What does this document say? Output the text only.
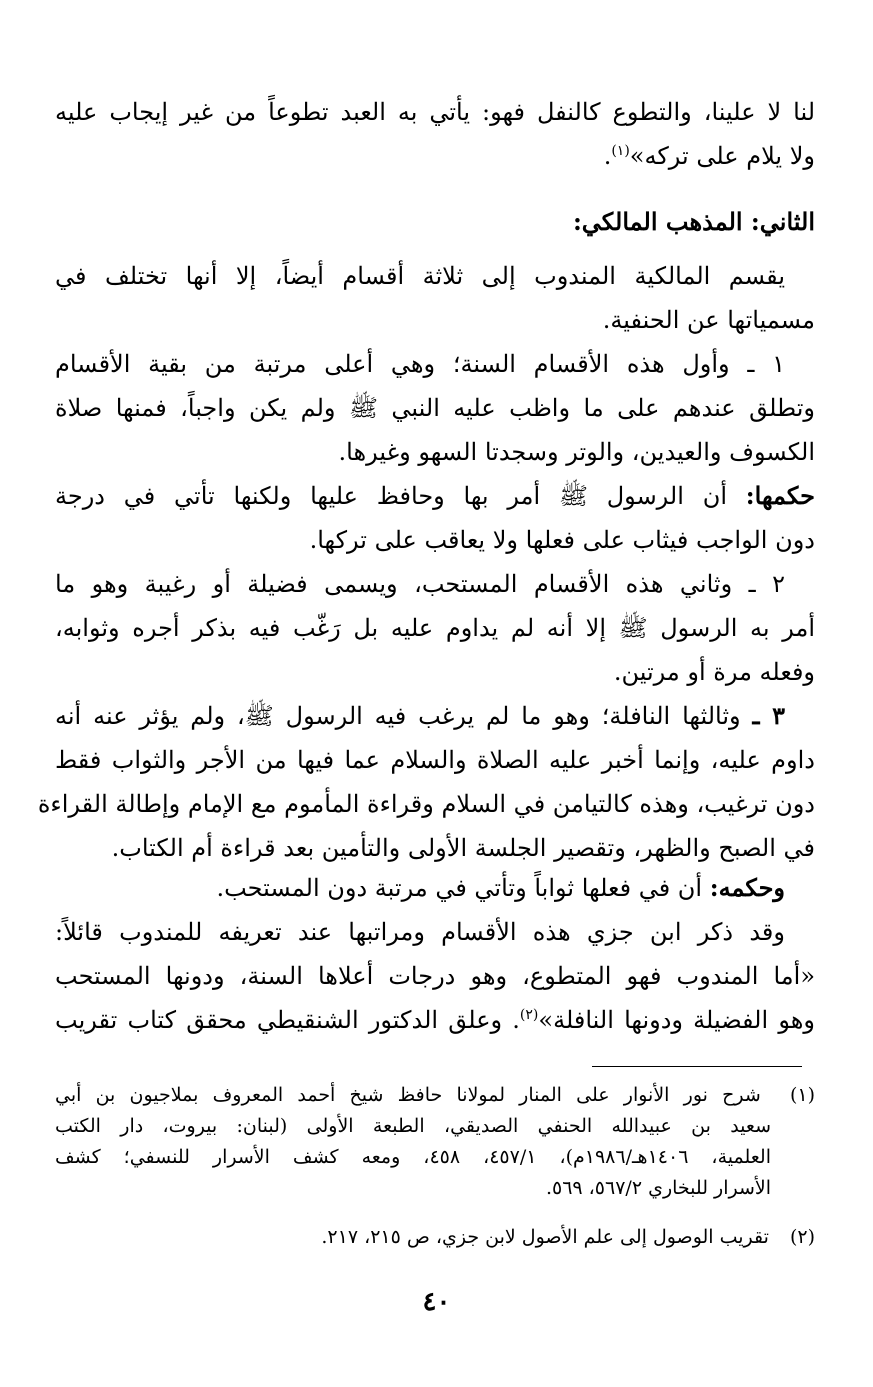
لنا لا علينا، والتطوع كالنفل فهو: يأتي به العبد تطوعاً من غير إيجاب عليه
ولا يلام على تركه»$^{(١)}$.
الثاني: المذهب المالكي:
يقسم المالكية المندوب إلى ثلاثة أقسام أيضاً، إلا أنها تختلف في
مسمياتها عن الحنفية.
١ ـ وأول هذه الأقسام السنة؛ وهي أعلى مرتبة من بقية الأقسام
وتطلق عندهم على ما واظب عليه النبي ﷺ ولم يكن واجباً، فمنها صلاة
الكسوف والعيدين، والوتر وسجدتا السهو وغيرها.
حكمها: أن الرسول ﷺ أمر بها وحافظ عليها ولكنها تأتي في درجة
دون الواجب فيثاب على فعلها ولا يعاقب على تركها.
٢ ـ وثاني هذه الأقسام المستحب، ويسمى فضيلة أو رغيبة وهو ما
أمر به الرسول ﷺ إلا أنه لم يداوم عليه بل رَغّب فيه بذكر أجره وثوابه،
وفعله مرة أو مرتين.
٣ ـ وثالثها النافلة؛ وهو ما لم يرغب فيه الرسول ﷺ، ولم يؤثر عنه أنه
داوم عليه، وإنما أخبر عليه الصلاة والسلام عما فيها من الأجر والثواب فقط
دون ترغيب، وهذه كالتيامن في السلام وقراءة المأموم مع الإمام وإطالة القراءة
في الصبح والظهر، وتقصير الجلسة الأولى والتأمين بعد قراءة أم الكتاب.
وحكمه: أن في فعلها ثواباً وتأتي في مرتبة دون المستحب.
وقد ذكر ابن جزي هذه الأقسام ومراتبها عند تعريفه للمندوب قائلاً:
«أما المندوب فهو المتطوع، وهو درجات أعلاها السنة، ودونها المستحب
وهو الفضيلة ودونها النافلة»$^{(٢)}$. وعلق الدكتور الشنقيطي محقق كتاب تقريب
(١) شرح نور الأنوار على المنار لمولانا حافظ شيخ أحمد المعروف بملاجيون بن أبي
سعيد بن عبيدالله الحنفي الصديقي، الطبعة الأولى (لبنان: بيروت، دار الكتب
العلمية، ١٤٠٦هـ/١٩٨٦م)، ٤٥٧/١، ٤٥٨، ومعه كشف الأسرار للنسفي؛ كشف
الأسرار للبخاري ٥٦٧/٢، ٥٦٩.
(٢) تقريب الوصول إلى علم الأصول لابن جزي، ص ٢١٥، ٢١٧.
٤٠
